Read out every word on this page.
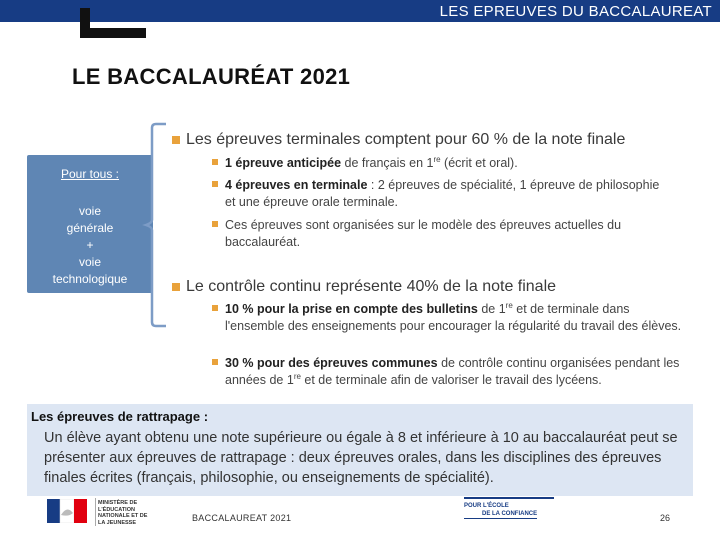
LES EPREUVES DU BACCALAUREAT
LE BACCALAURÉAT 2021
Pour tous :
voie
générale
+
voie
technologique
Les épreuves terminales comptent pour 60 % de la note finale
1 épreuve anticipée de français en 1re (écrit et oral).
4 épreuves en terminale : 2 épreuves de spécialité, 1 épreuve de philosophie et une épreuve orale terminale.
Ces épreuves sont organisées sur le modèle des épreuves actuelles du baccalauréat.
Le contrôle continu représente 40% de la note finale
10 % pour la prise en compte des bulletins de 1re et de terminale dans l'ensemble des enseignements pour encourager la régularité du travail des élèves.
30 % pour des épreuves communes de contrôle continu organisées pendant les années de 1re et de terminale afin de valoriser le travail des lycéens.
Les épreuves de rattrapage :
Un élève ayant obtenu une note supérieure ou égale à 8 et inférieure à 10 au baccalauréat peut se présenter aux épreuves de rattrapage : deux épreuves orales, dans les disciplines des épreuves finales écrites (français, philosophie, ou enseignements de spécialité).
MINISTÈRE DE L'ÉDUCATION NATIONALE ET DE LA JEUNESSE	BACCALAUREAT 2021
POUR L'ÉCOLE
DE LA CONFIANCE	26
